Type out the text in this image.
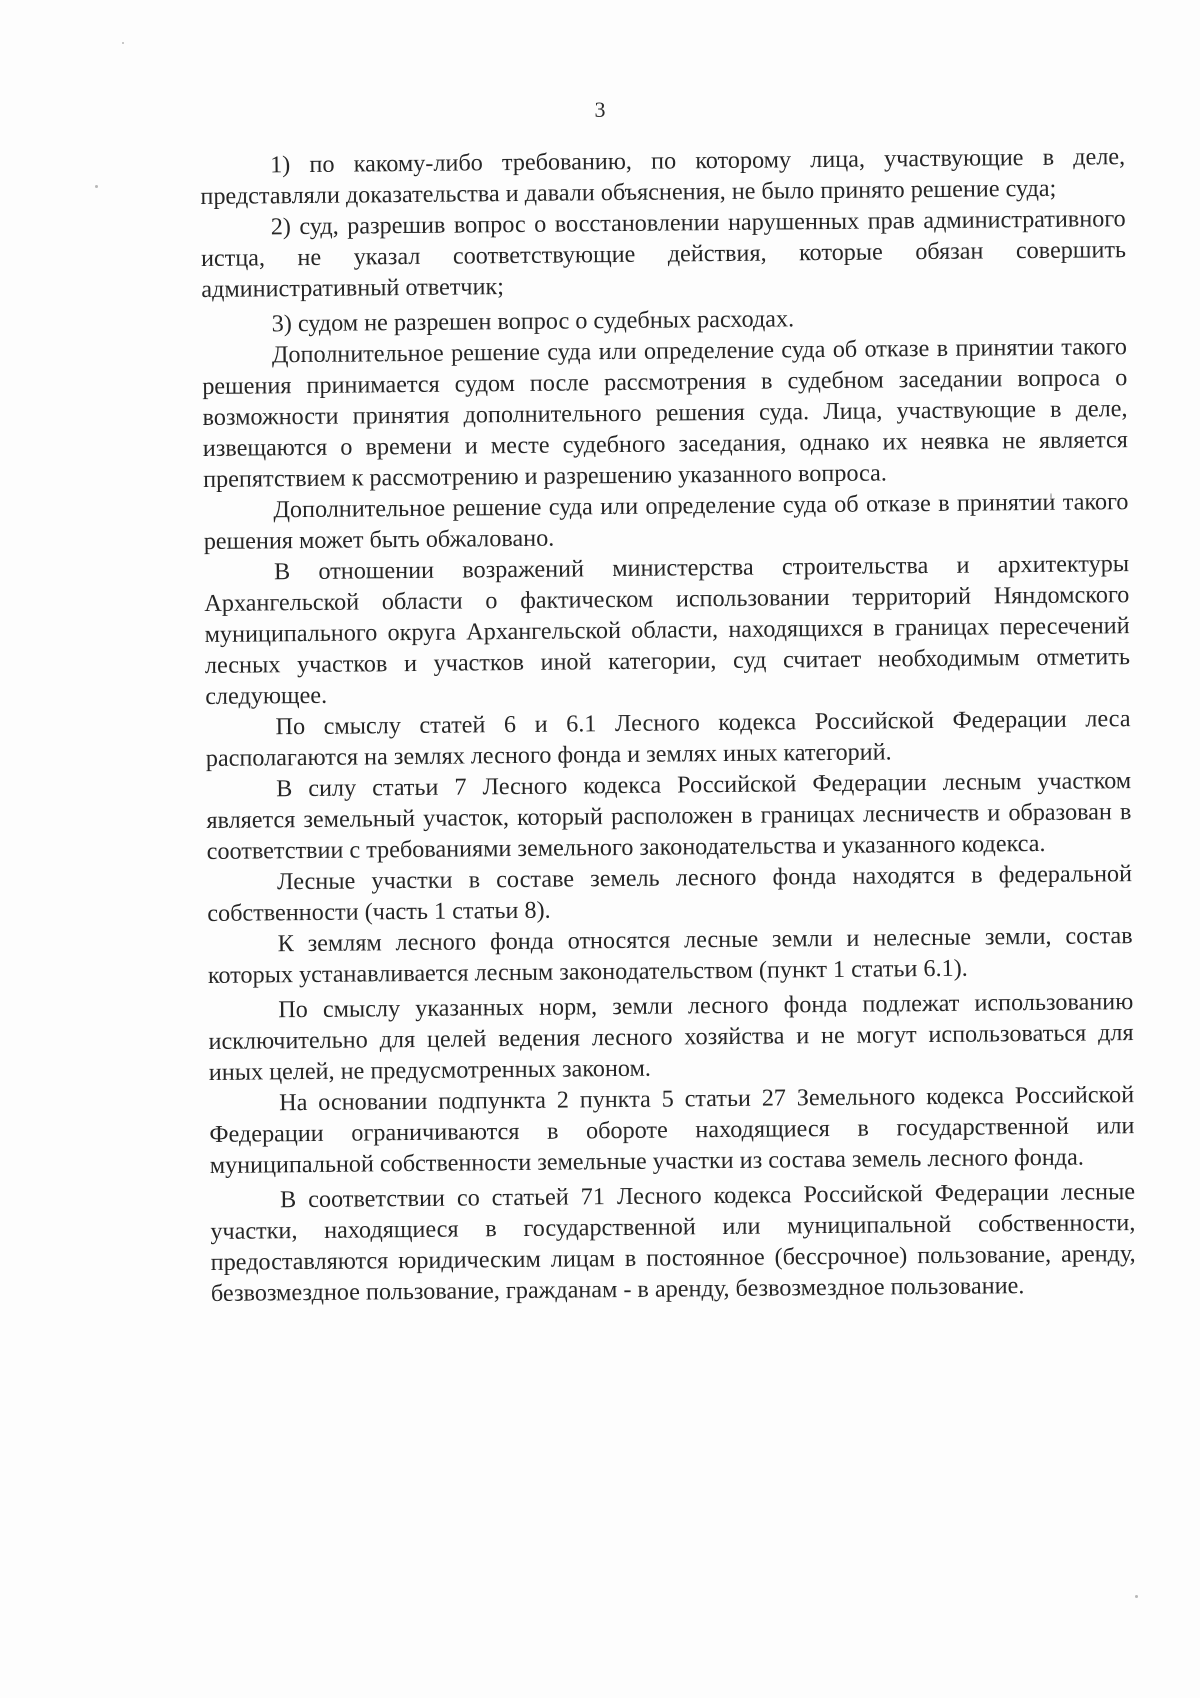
3

1) по какому-либо требованию, по которому лица, участвующие в деле, представляли доказательства и давали объяснения, не было принято решение суда;

2) суд, разрешив вопрос о восстановлении нарушенных прав административного истца, не указал соответствующие действия, которые обязан совершить административный ответчик;

3) судом не разрешен вопрос о судебных расходах.

Дополнительное решение суда или определение суда об отказе в принятии такого решения принимается судом после рассмотрения в судебном заседании вопроса о возможности принятия дополнительного решения суда. Лица, участвующие в деле, извещаются о времени и месте судебного заседания, однако их неявка не является препятствием к рассмотрению и разрешению указанного вопроса.

Дополнительное решение суда или определение суда об отказе в принятии такого решения может быть обжаловано.

В отношении возражений министерства строительства и архитектуры Архангельской области о фактическом использовании территорий Няндомского муниципального округа Архангельской области, находящихся в границах пересечений лесных участков и участков иной категории, суд считает необходимым отметить следующее.

По смыслу статей 6 и 6.1 Лесного кодекса Российской Федерации леса располагаются на землях лесного фонда и землях иных категорий.

В силу статьи 7 Лесного кодекса Российской Федерации лесным участком является земельный участок, который расположен в границах лесничеств и образован в соответствии с требованиями земельного законодательства и указанного кодекса.

Лесные участки в составе земель лесного фонда находятся в федеральной собственности (часть 1 статьи 8).

К землям лесного фонда относятся лесные земли и нелесные земли, состав которых устанавливается лесным законодательством (пункт 1 статьи 6.1).

По смыслу указанных норм, земли лесного фонда подлежат использованию исключительно для целей ведения лесного хозяйства и не могут использоваться для иных целей, не предусмотренных законом.

На основании подпункта 2 пункта 5 статьи 27 Земельного кодекса Российской Федерации ограничиваются в обороте находящиеся в государственной или муниципальной собственности земельные участки из состава земель лесного фонда.

В соответствии со статьей 71 Лесного кодекса Российской Федерации лесные участки, находящиеся в государственной или муниципальной собственности, предоставляются юридическим лицам в постоянное (бессрочное) пользование, аренду, безвозмездное пользование, гражданам - в аренду, безвозмездное пользование.
